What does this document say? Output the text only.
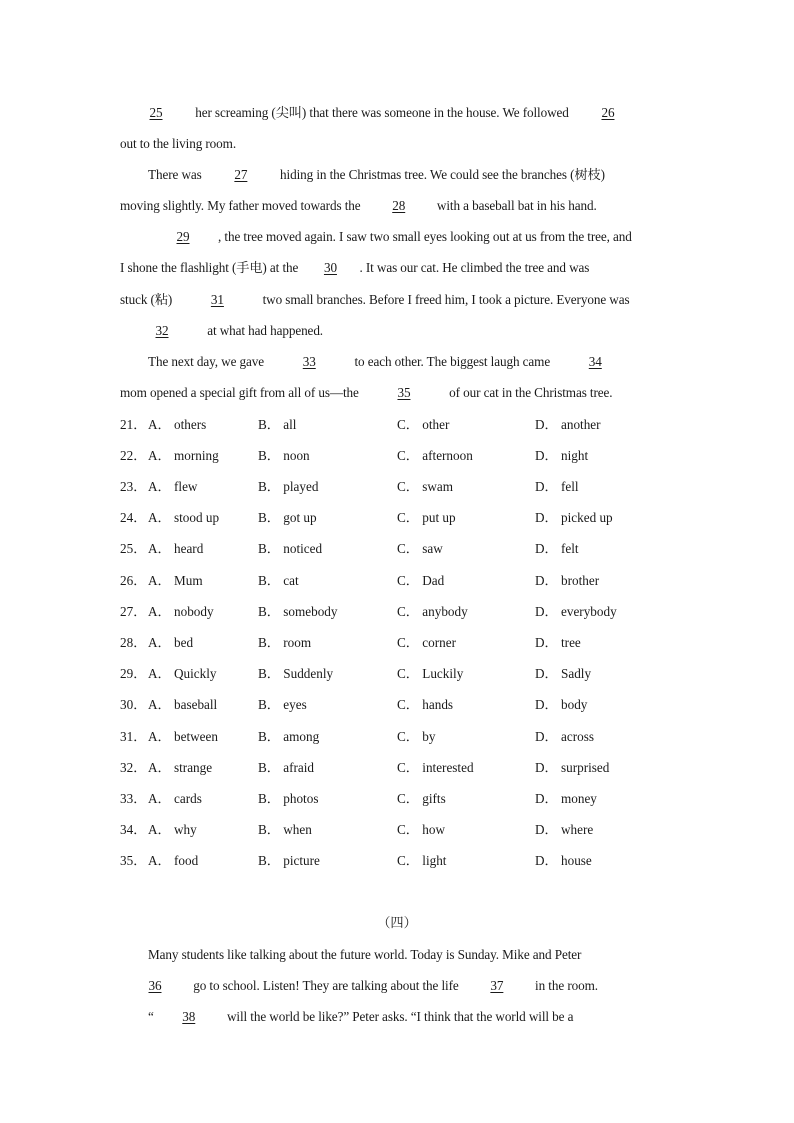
25 her screaming (尖叫) that there was someone in the house. We followed 26
out to the living room.
There was 27 hiding in the Christmas tree. We could see the branches (树枝)
moving slightly. My father moved towards the 28 with a baseball bat in his hand.
29 , the tree moved again. I saw two small eyes looking out at us from the tree, and
I shone the flashlight (手电) at the 30 . It was our cat. He climbed the tree and was
stuck (粘)	31	two small branches. Before I freed him, I took a picture. Everyone was
32	at what had happened.
The next day, we gave	33	to each other. The biggest laugh came	34
mom opened a special gift from all of us—the	35	of our cat in the Christmas tree.
21． A． others	B． all	C． other	D． another
22． A． morning	B． noon	C． afternoon	D． night
23． A． flew	B． played	C． swam	D． fell
24． A． stood up	B． got up	C． put up	D． picked up
25． A． heard	B． noticed	C． saw	D． felt
26． A． Mum	B． cat	C． Dad	D． brother
27． A． nobody	B． somebody	C． anybody	D． everybody
28． A． bed	B． room	C． corner	D． tree
29． A． Quickly	B． Suddenly	C． Luckily	D． Sadly
30． A． baseball	B． eyes	C． hands	D． body
31． A． between	B． among	C． by	D． across
32． A． strange	B． afraid	C． interested	D． surprised
33． A． cards	B． photos	C． gifts	D． money
34． A． why	B． when	C． how	D． where
35． A． food	B． picture	C． light	D． house
（四）
Many students like talking about the future world. Today is Sunday. Mike and Peter
36 go to school. Listen! They are talking about the life 37 in the room.
“ 38 will the world be like?” Peter asks. “I think that the world will be a
